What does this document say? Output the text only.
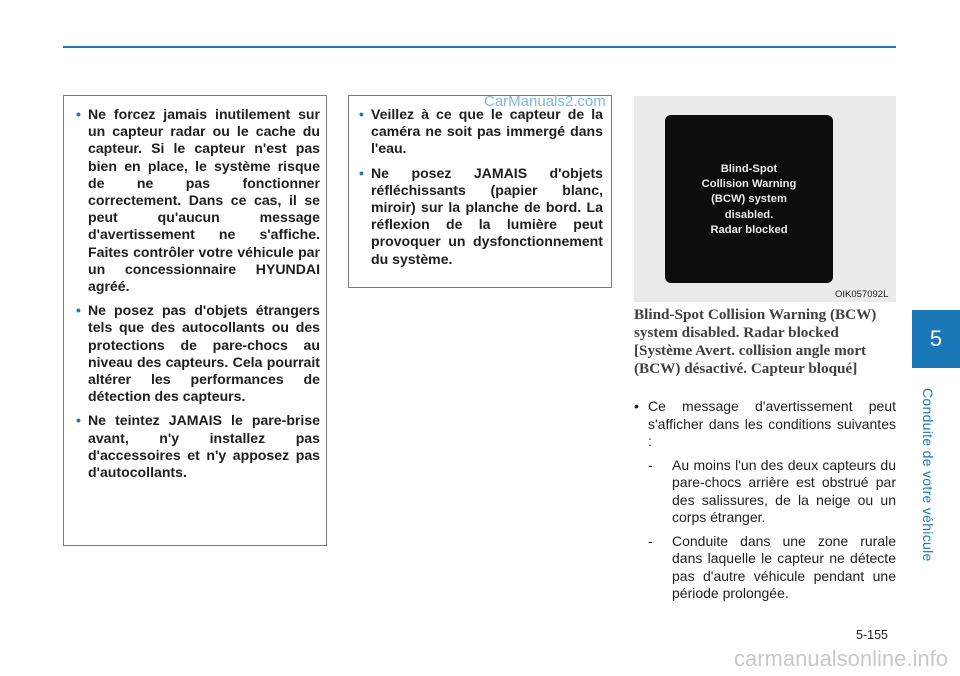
5
Conduite de votre véhicule
• Ne forcez jamais inutilement sur un capteur radar ou le cache du capteur. Si le capteur n'est pas bien en place, le système risque de ne pas fonctionner correctement. Dans ce cas, il se peut qu'aucun message d'avertissement ne s'affiche. Faites contrôler votre véhicule par un concessionnaire HYUNDAI agréé.
• Ne posez pas d'objets étrangers tels que des autocollants ou des protections de pare-chocs au niveau des capteurs. Cela pourrait altérer les performances de détection des capteurs.
• Ne teintez JAMAIS le pare-brise avant, n'y installez pas d'accessoires et n'y apposez pas d'autocollants.
• Veillez à ce que le capteur de la caméra ne soit pas immergé dans l'eau.
• Ne posez JAMAIS d'objets réfléchissants (papier blanc, miroir) sur la planche de bord. La réflexion de la lumière peut provoquer un dysfonctionnement du système.
CarManuals2.com
Blind-Spot
Collision Warning
(BCW) system
disabled.
Radar blocked
OIK057092L
Blind-Spot Collision Warning (BCW) system disabled. Radar blocked [Système Avert. collision angle mort (BCW) désactivé. Capteur bloqué]
• Ce message d'avertissement peut s'afficher dans les conditions suivantes :
- Au moins l'un des deux capteurs du pare-chocs arrière est obstrué par des salissures, de la neige ou un corps étranger.
- Conduite dans une zone rurale dans laquelle le capteur ne détecte pas d'autre véhicule pendant une période prolongée.
5-155
carmanualsonline.info
